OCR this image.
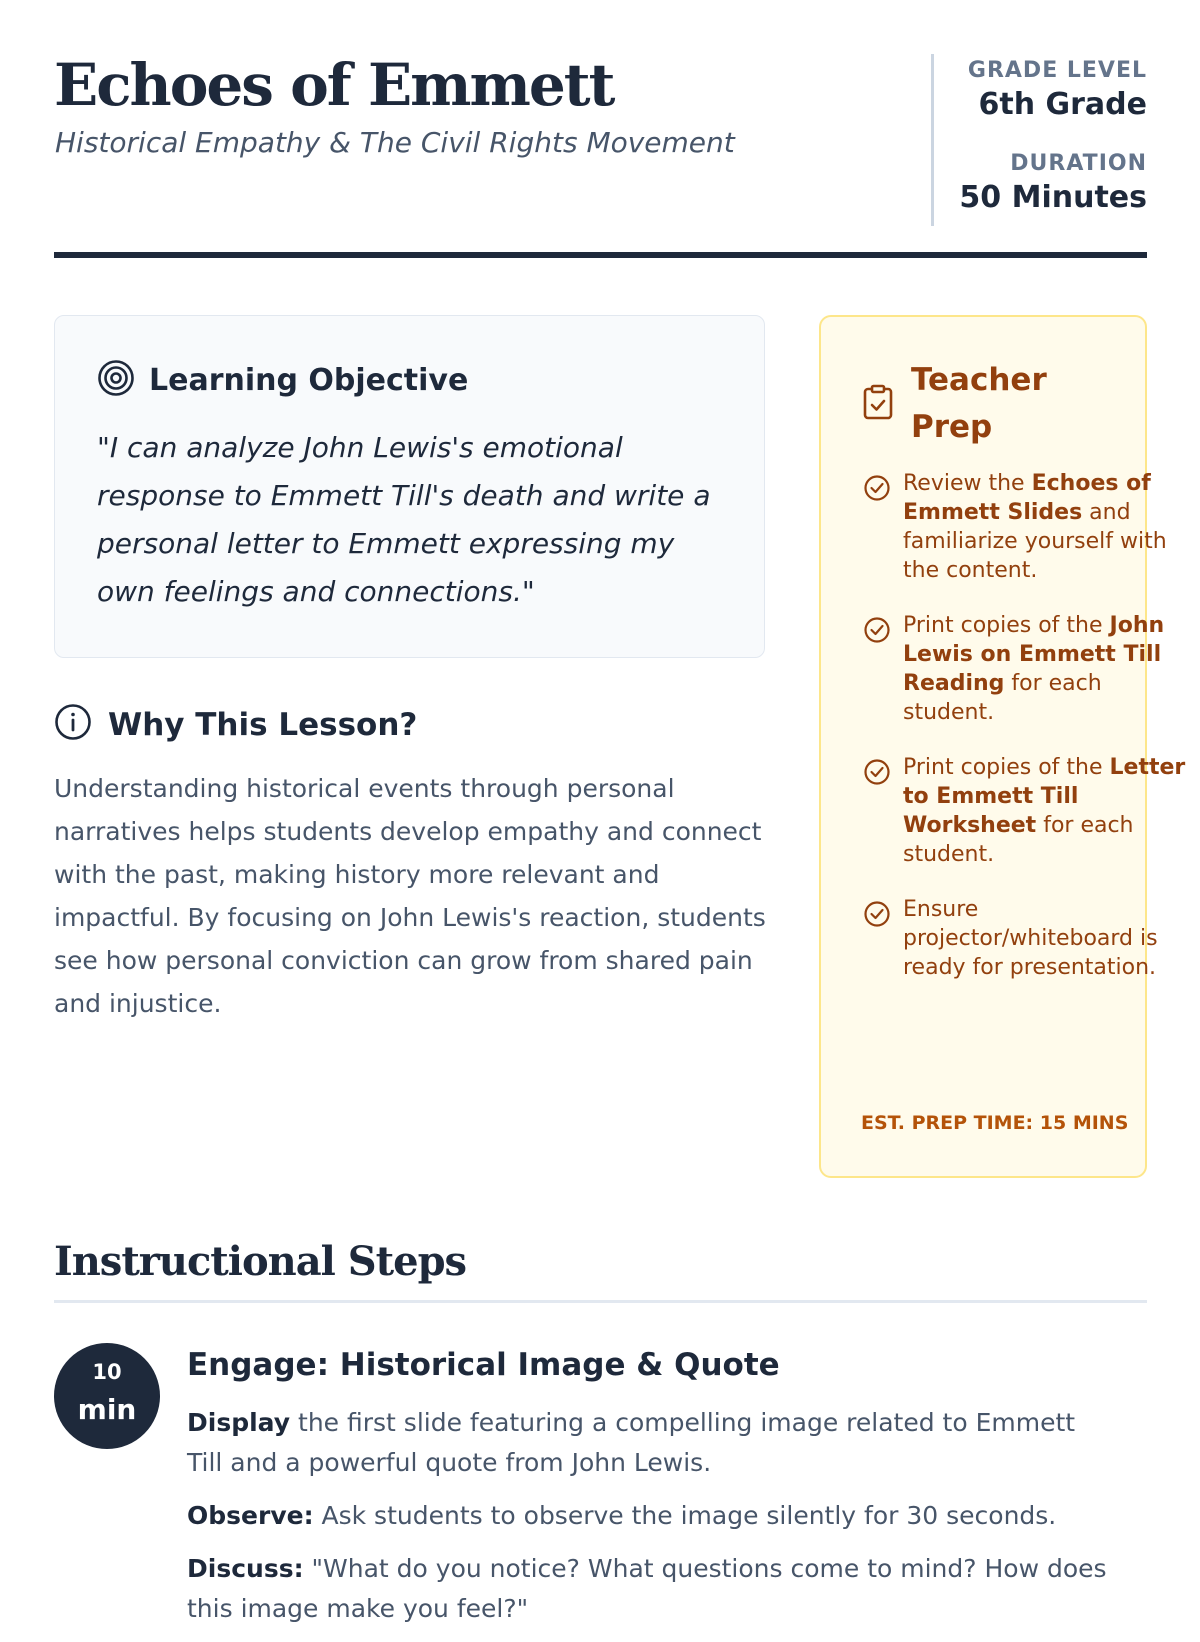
Echoes of Emmett
Historical Empathy & The Civil Rights Movement
GRADE LEVEL
6th Grade
DURATION
50 Minutes
Learning Objective
"I can analyze John Lewis's emotional response to Emmett Till's death and write a personal letter to Emmett expressing my own feelings and connections."
Why This Lesson?
Understanding historical events through personal narratives helps students develop empathy and connect with the past, making history more relevant and impactful. By focusing on John Lewis's reaction, students see how personal conviction can grow from shared pain and injustice.
Teacher Prep
Review the Echoes of Emmett Slides and familiarize yourself with the content.
Print copies of the John Lewis on Emmett Till Reading for each student.
Print copies of the Letter to Emmett Till Worksheet for each student.
Ensure projector/whiteboard is ready for presentation.
EST. PREP TIME: 15 MINS
Instructional Steps
10
min
Engage: Historical Image & Quote

Display the first slide featuring a compelling image related to Emmett Till and a powerful quote from John Lewis.

Observe: Ask students to observe the image silently for 30 seconds.

Discuss: "What do you notice? What questions come to mind? How does this image make you feel?"
